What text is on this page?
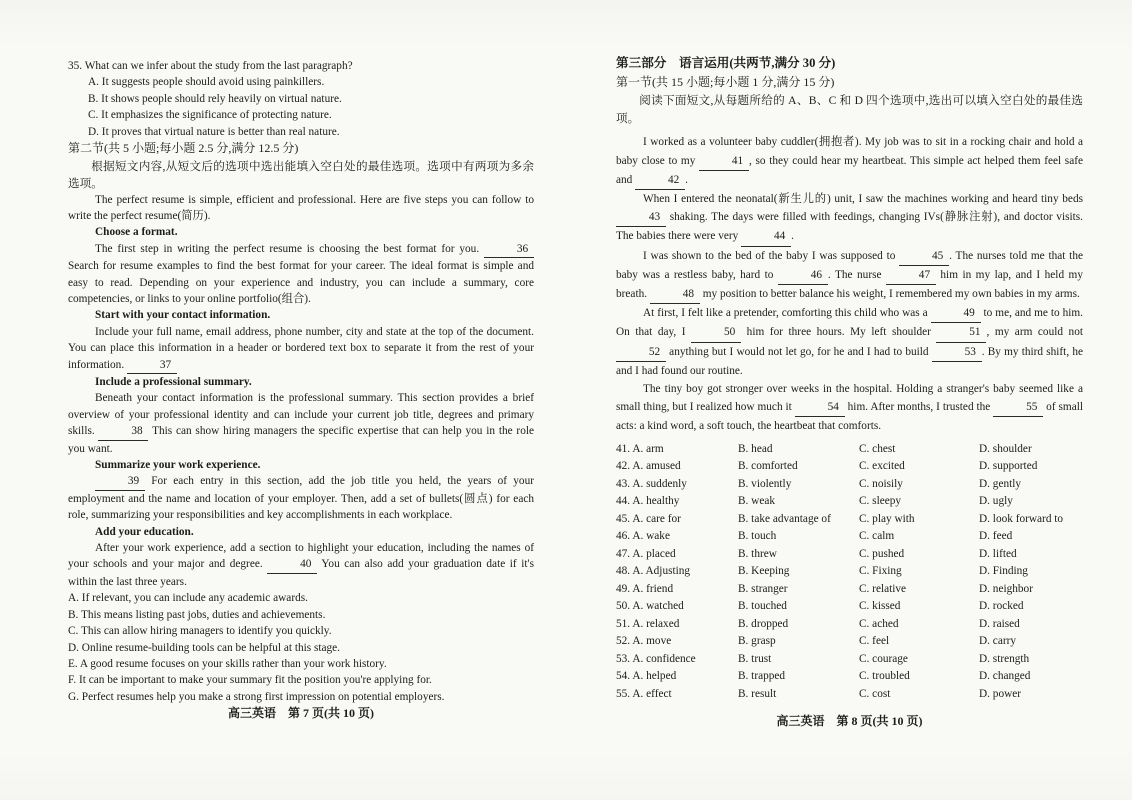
35. What can we infer about the study from the last paragraph?
A. It suggests people should avoid using painkillers.
B. It shows people should rely heavily on virtual nature.
C. It emphasizes the significance of protecting nature.
D. It proves that virtual nature is better than real nature.
第二节(共 5 小题;每小题 2.5 分,满分 12.5 分)
根据短文内容,从短文后的选项中选出能填入空白处的最佳选项。选项中有两项为多余选项。
The perfect resume is simple, efficient and professional. Here are five steps you can follow to write the perfect resume(简历).
Choose a format.
The first step in writing the perfect resume is choosing the best format for you.	36 Search for resume examples to find the best format for your career. The ideal format is simple and easy to read. Depending on your experience and industry, you can include a summary, core competencies, or links to your online portfolio(组合).
Start with your contact information.
Include your full name, email address, phone number, city and state at the top of the document. You can place this information in a header or bordered text box to separate it from the rest of your information.	37
Include a professional summary.
Beneath your contact information is the professional summary. This section provides a brief overview of your professional identity and can include your current job title, degrees and primary skills.	38 This can show hiring managers the specific expertise that can help you in the role you want.
Summarize your work experience.
39 For each entry in this section, add the job title you held, the years of your employment and the name and location of your employer. Then, add a set of bullets(圆点) for each role, summarizing your responsibilities and key accomplishments in each workplace.
Add your education.
After your work experience, add a section to highlight your education, including the names of your schools and your major and degree.	40 You can also add your graduation date if it's within the last three years.
A. If relevant, you can include any academic awards.
B. This means listing past jobs, duties and achievements.
C. This can allow hiring managers to identify you quickly.
D. Online resume-building tools can be helpful at this stage.
E. A good resume focuses on your skills rather than your work history.
F. It can be important to make your summary fit the position you're applying for.
G. Perfect resumes help you make a strong first impression on potential employers.
高三英语　第 7 页(共 10 页)
第三部分　语言运用(共两节,满分 30 分)
第一节(共 15 小题;每小题 1 分,满分 15 分)
阅读下面短文,从每题所给的 A、B、C 和 D 四个选项中,选出可以填入空白处的最佳选项。
I worked as a volunteer baby cuddler(拥抱者). My job was to sit in a rocking chair and hold a baby close to my	41 , so they could hear my heartbeat. This simple act helped them feel safe and	42 .
When I entered the neonatal(新生儿的) unit, I saw the machines working and heard tiny beds 43 shaking. The days were filled with feedings, changing IVs(静脉注射), and doctor visits. The babies there were very	44 .
I was shown to the bed of the baby I was supposed to	45 . The nurses told me that the baby was a restless baby, hard to	46 . The nurse	47 him in my lap, and I held my breath.	48 my position to better balance his weight, I remembered my own babies in my arms.
At first, I felt like a pretender, comforting this child who was a	49 to me, and me to him. On that day, I	50 him for three hours. My left shoulder	51 , my arm could not 52 anything but I would not let go, for he and I had to build	53 . By my third shift, he and I had found our routine.
The tiny boy got stronger over weeks in the hospital. Holding a stranger's baby seemed like a small thing, but I realized how much it	54 him. After months, I trusted the	55 of small acts: a kind word, a soft touch, the heartbeat that comforts.
41. A. arm	B. head	C. chest	D. shoulder
42. A. amused	B. comforted	C. excited	D. supported
43. A. suddenly	B. violently	C. noisily	D. gently
44. A. healthy	B. weak	C. sleepy	D. ugly
45. A. care for	B. take advantage of	C. play with	D. look forward to
46. A. wake	B. touch	C. calm	D. feed
47. A. placed	B. threw	C. pushed	D. lifted
48. A. Adjusting	B. Keeping	C. Fixing	D. Finding
49. A. friend	B. stranger	C. relative	D. neighbor
50. A. watched	B. touched	C. kissed	D. rocked
51. A. relaxed	B. dropped	C. ached	D. raised
52. A. move	B. grasp	C. feel	D. carry
53. A. confidence	B. trust	C. courage	D. strength
54. A. helped	B. trapped	C. troubled	D. changed
55. A. effect	B. result	C. cost	D. power
高三英语　第 8 页(共 10 页)
